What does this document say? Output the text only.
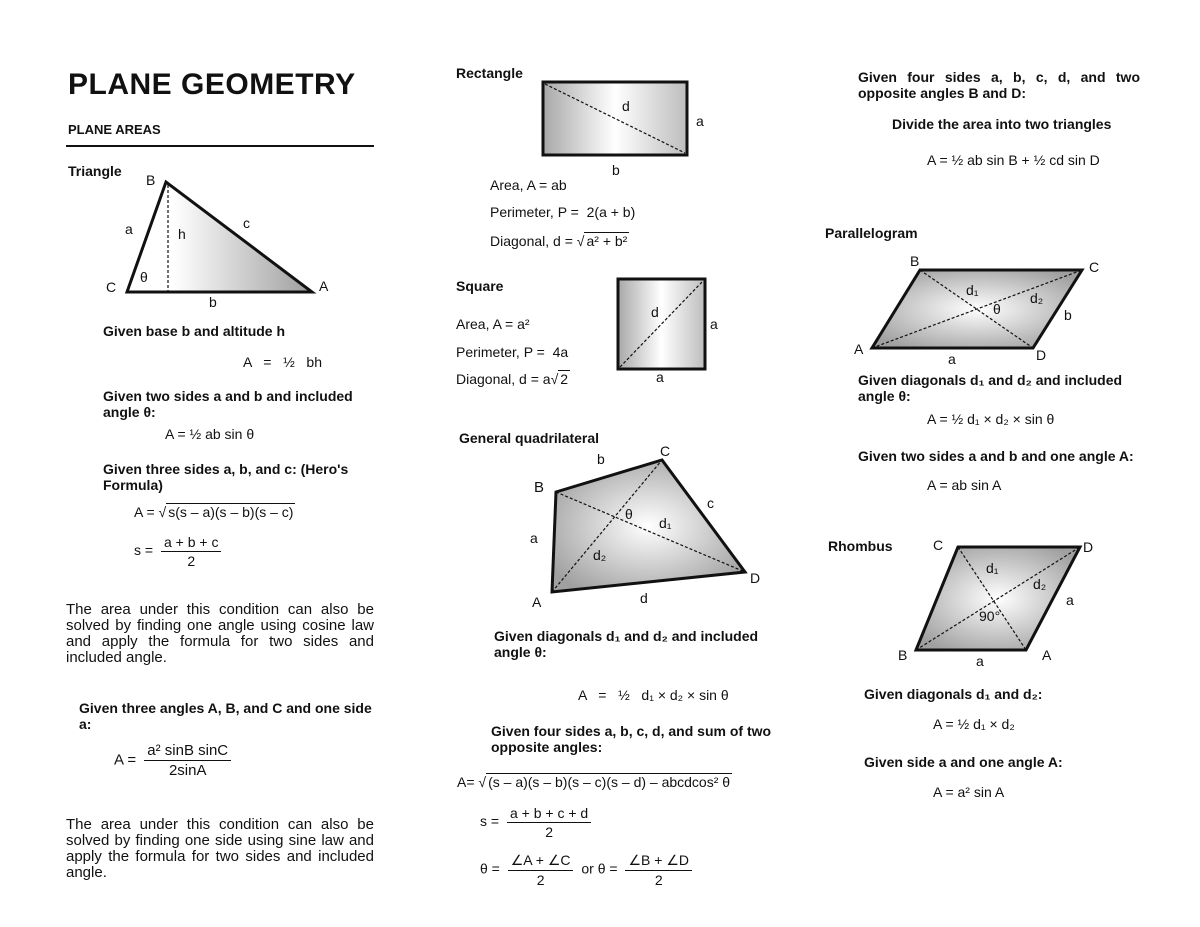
PLANE GEOMETRY
PLANE AREAS
Triangle
B
a	c
h
θ
C
b
A
Given base b and altitude h
A   =   ½   bh
Given two sides a and b and included angle θ:
A = ½ ab sin θ
Given three sides a, b, and c: (Hero's Formula)
A = √ s(s – a)(s – b)(s – c)
$s = \frac{a + b + c}{2}$
The area under this condition can also be solved by finding one angle using cosine law and apply the formula for two sides and included angle.
Given three angles A, B, and C and one side a:
$A = \frac{\text{a² sinB sinC}}{2\sin A}$
The area under this condition can also be solved by finding one side using sine law and apply the formula for two sides and included angle.
Rectangle
d
a
b
Area, A = ab
Perimeter, P =  2(a + b)
Diagonal, d = √ a² + b²
Square
Area, A = a²
Perimeter, P =  4a
Diagonal, d = a√ 2
d
a
a
General quadrilateral
B
b	C
c
θ
d₁
a
d₂
D
A	d
Given diagonals d₁ and d₂ and included angle θ:
A   =   ½   d₁ × d₂ × sin θ
Given four sides a, b, c, d, and sum of two opposite angles:
A= √ (s – a)(s – b)(s – c)(s – d) – abcdcos² θ
$s = \frac{a + b + c + d}{2}$
$\theta = \frac{\angle A + \angle C}{2}$ or $\theta = \frac{\angle B + \angle D}{2}$
Given four sides a, b, c, d, and two opposite angles B and D:
Divide the area into two triangles
A = ½ ab sin B + ½ cd sin D
Parallelogram
B	C
d₁	d₂
θ	b
A
a	D
Given diagonals d₁ and d₂ and included angle θ:
A = ½ d₁ × d₂ × sin θ
Given two sides a and b and one angle A:
A = ab sin A
Rhombus	C	D
d₁
d₂
a
90°
B	a	A
Given diagonals d₁ and d₂:
A = ½ d₁ × d₂
Given side a and one angle A:
A = a² sin A
